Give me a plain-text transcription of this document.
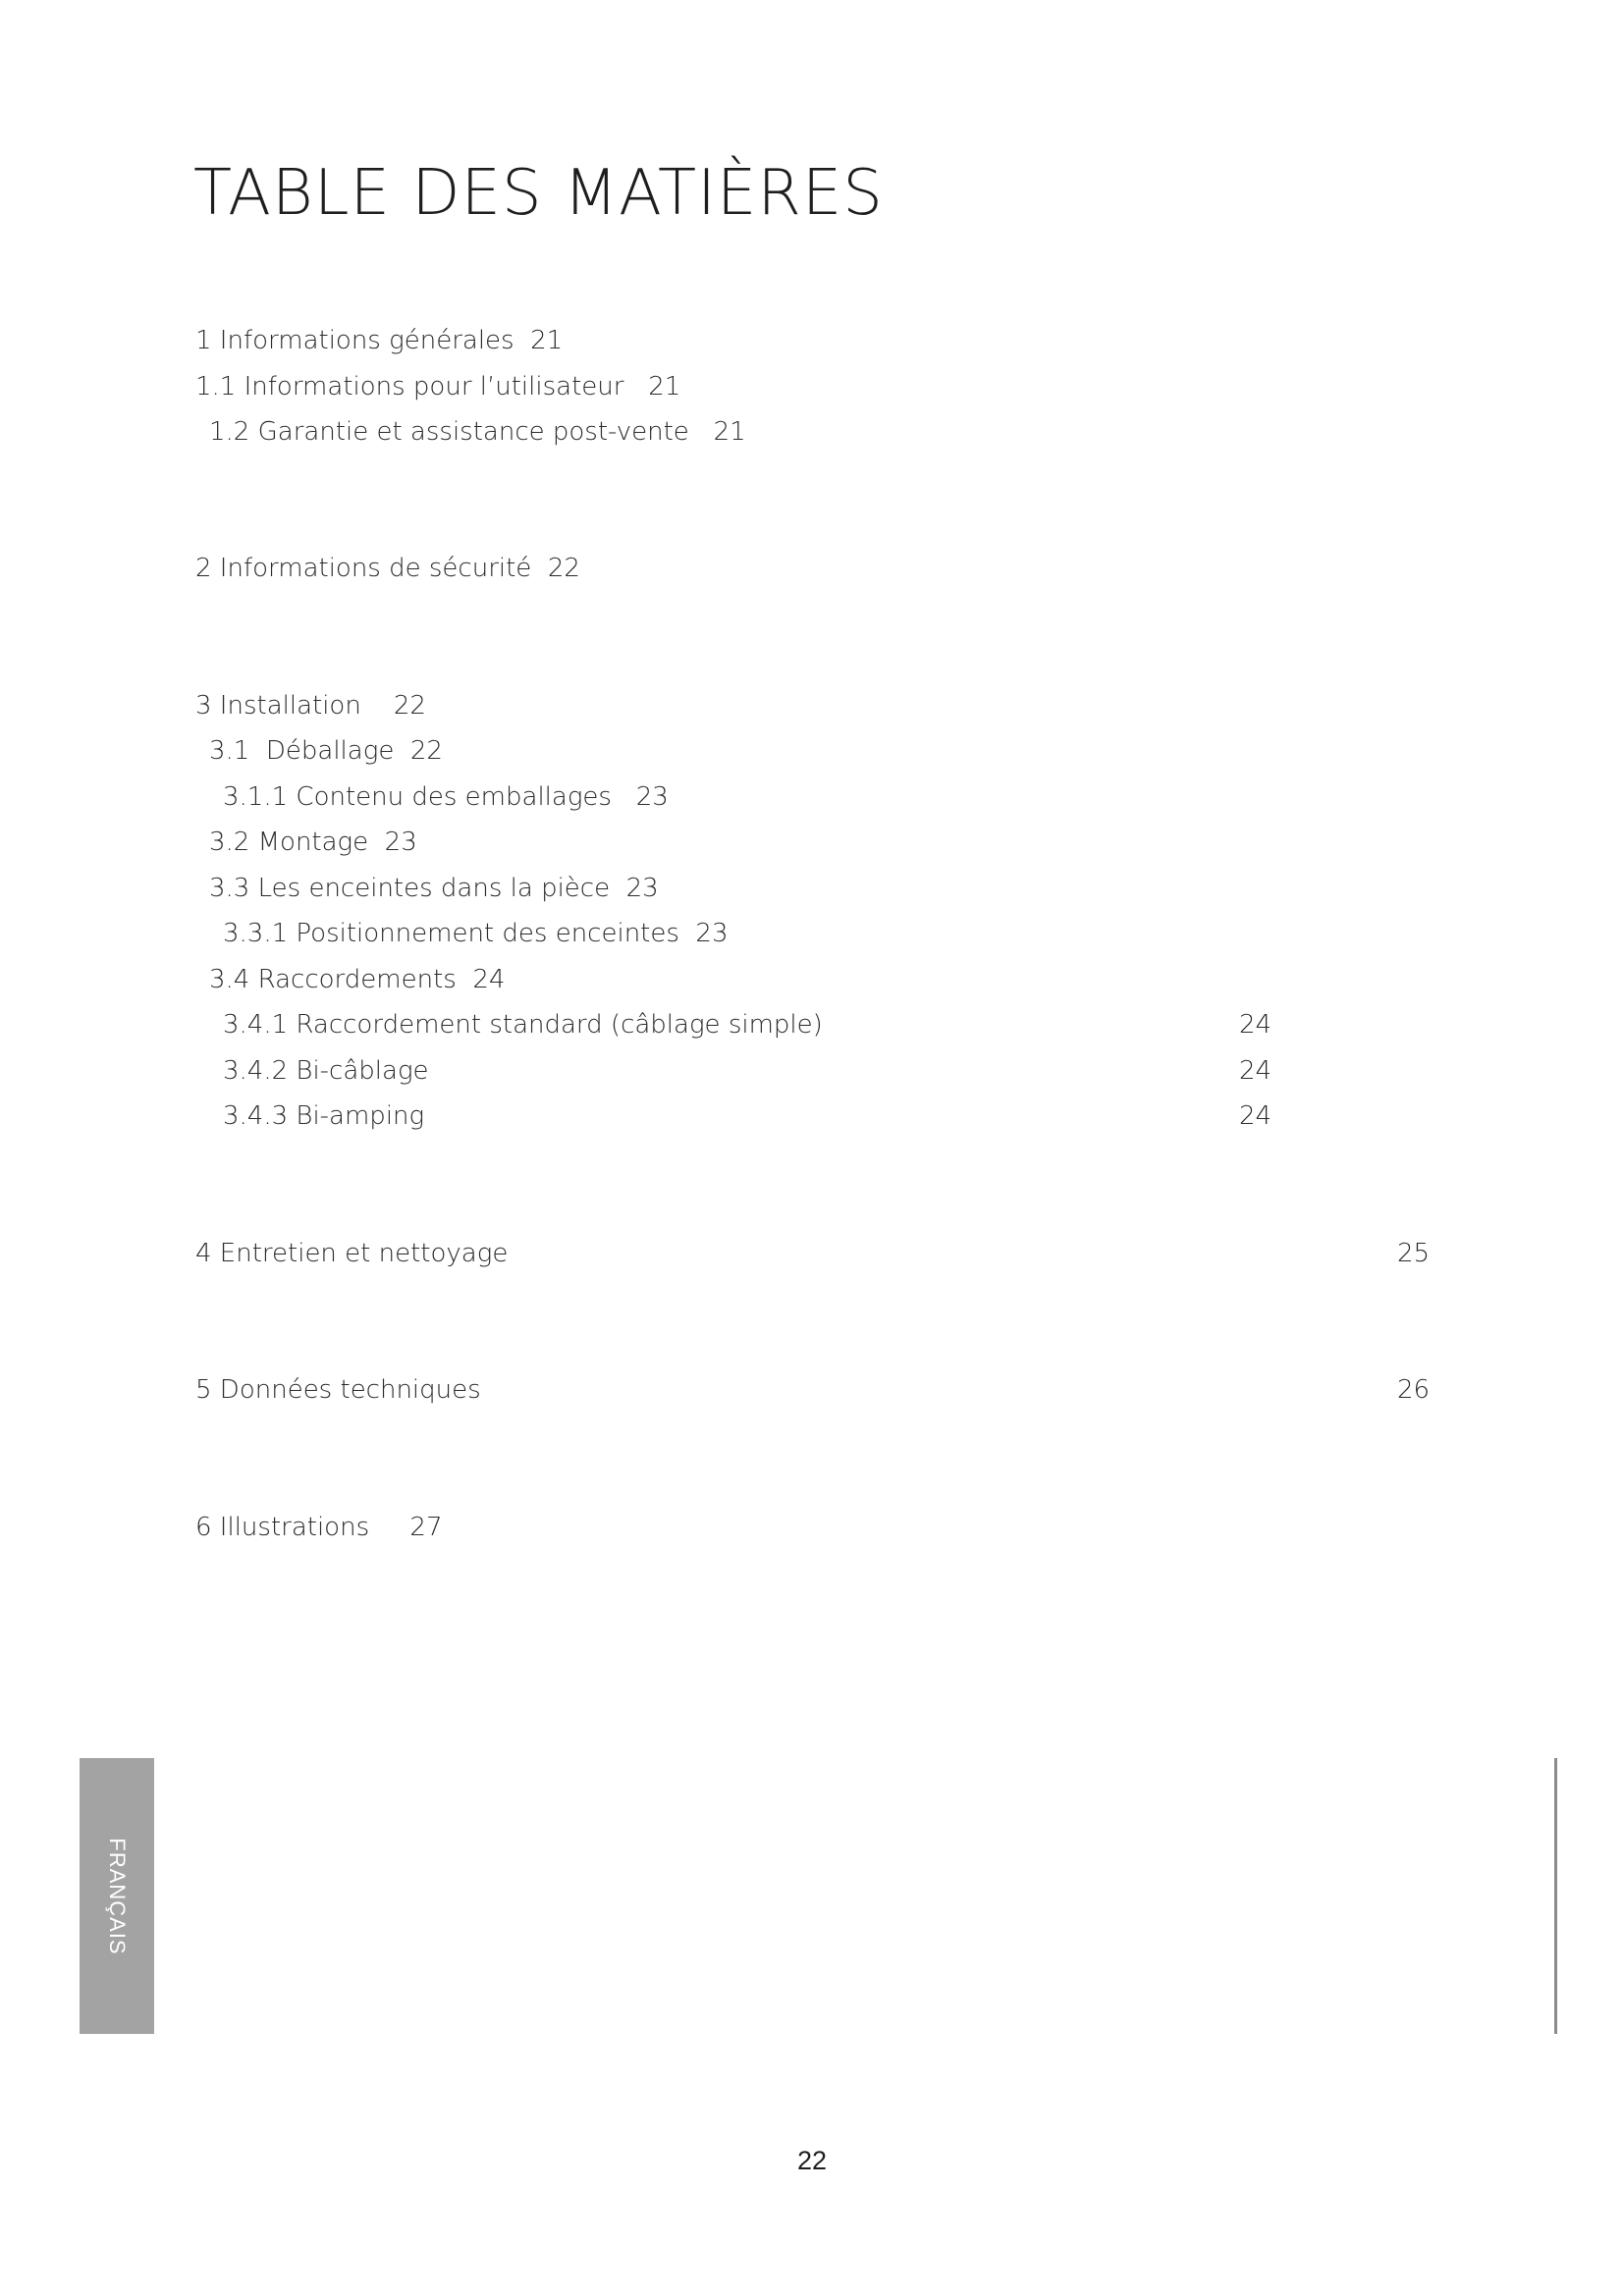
TABLE DES MATIÈRES
1 Informations générales  21
1.1 Informations pour l’utilisateur   21
1.2 Garantie et assistance post-vente   21
2 Informations de sécurité  22
3 Installation    22
3.1  Déballage  22
3.1.1 Contenu des emballages   23
3.2 Montage  23
3.3 Les enceintes dans la pièce  23
3.3.1 Positionnement des enceintes  23
3.4 Raccordements  24
3.4.1 Raccordement standard (câblage simple)	24
3.4.2 Bi-câblage	24
3.4.3 Bi-amping	24
4 Entretien et nettoyage	25
5 Données techniques	26
6 Illustrations     27
FRANÇAIS
22
